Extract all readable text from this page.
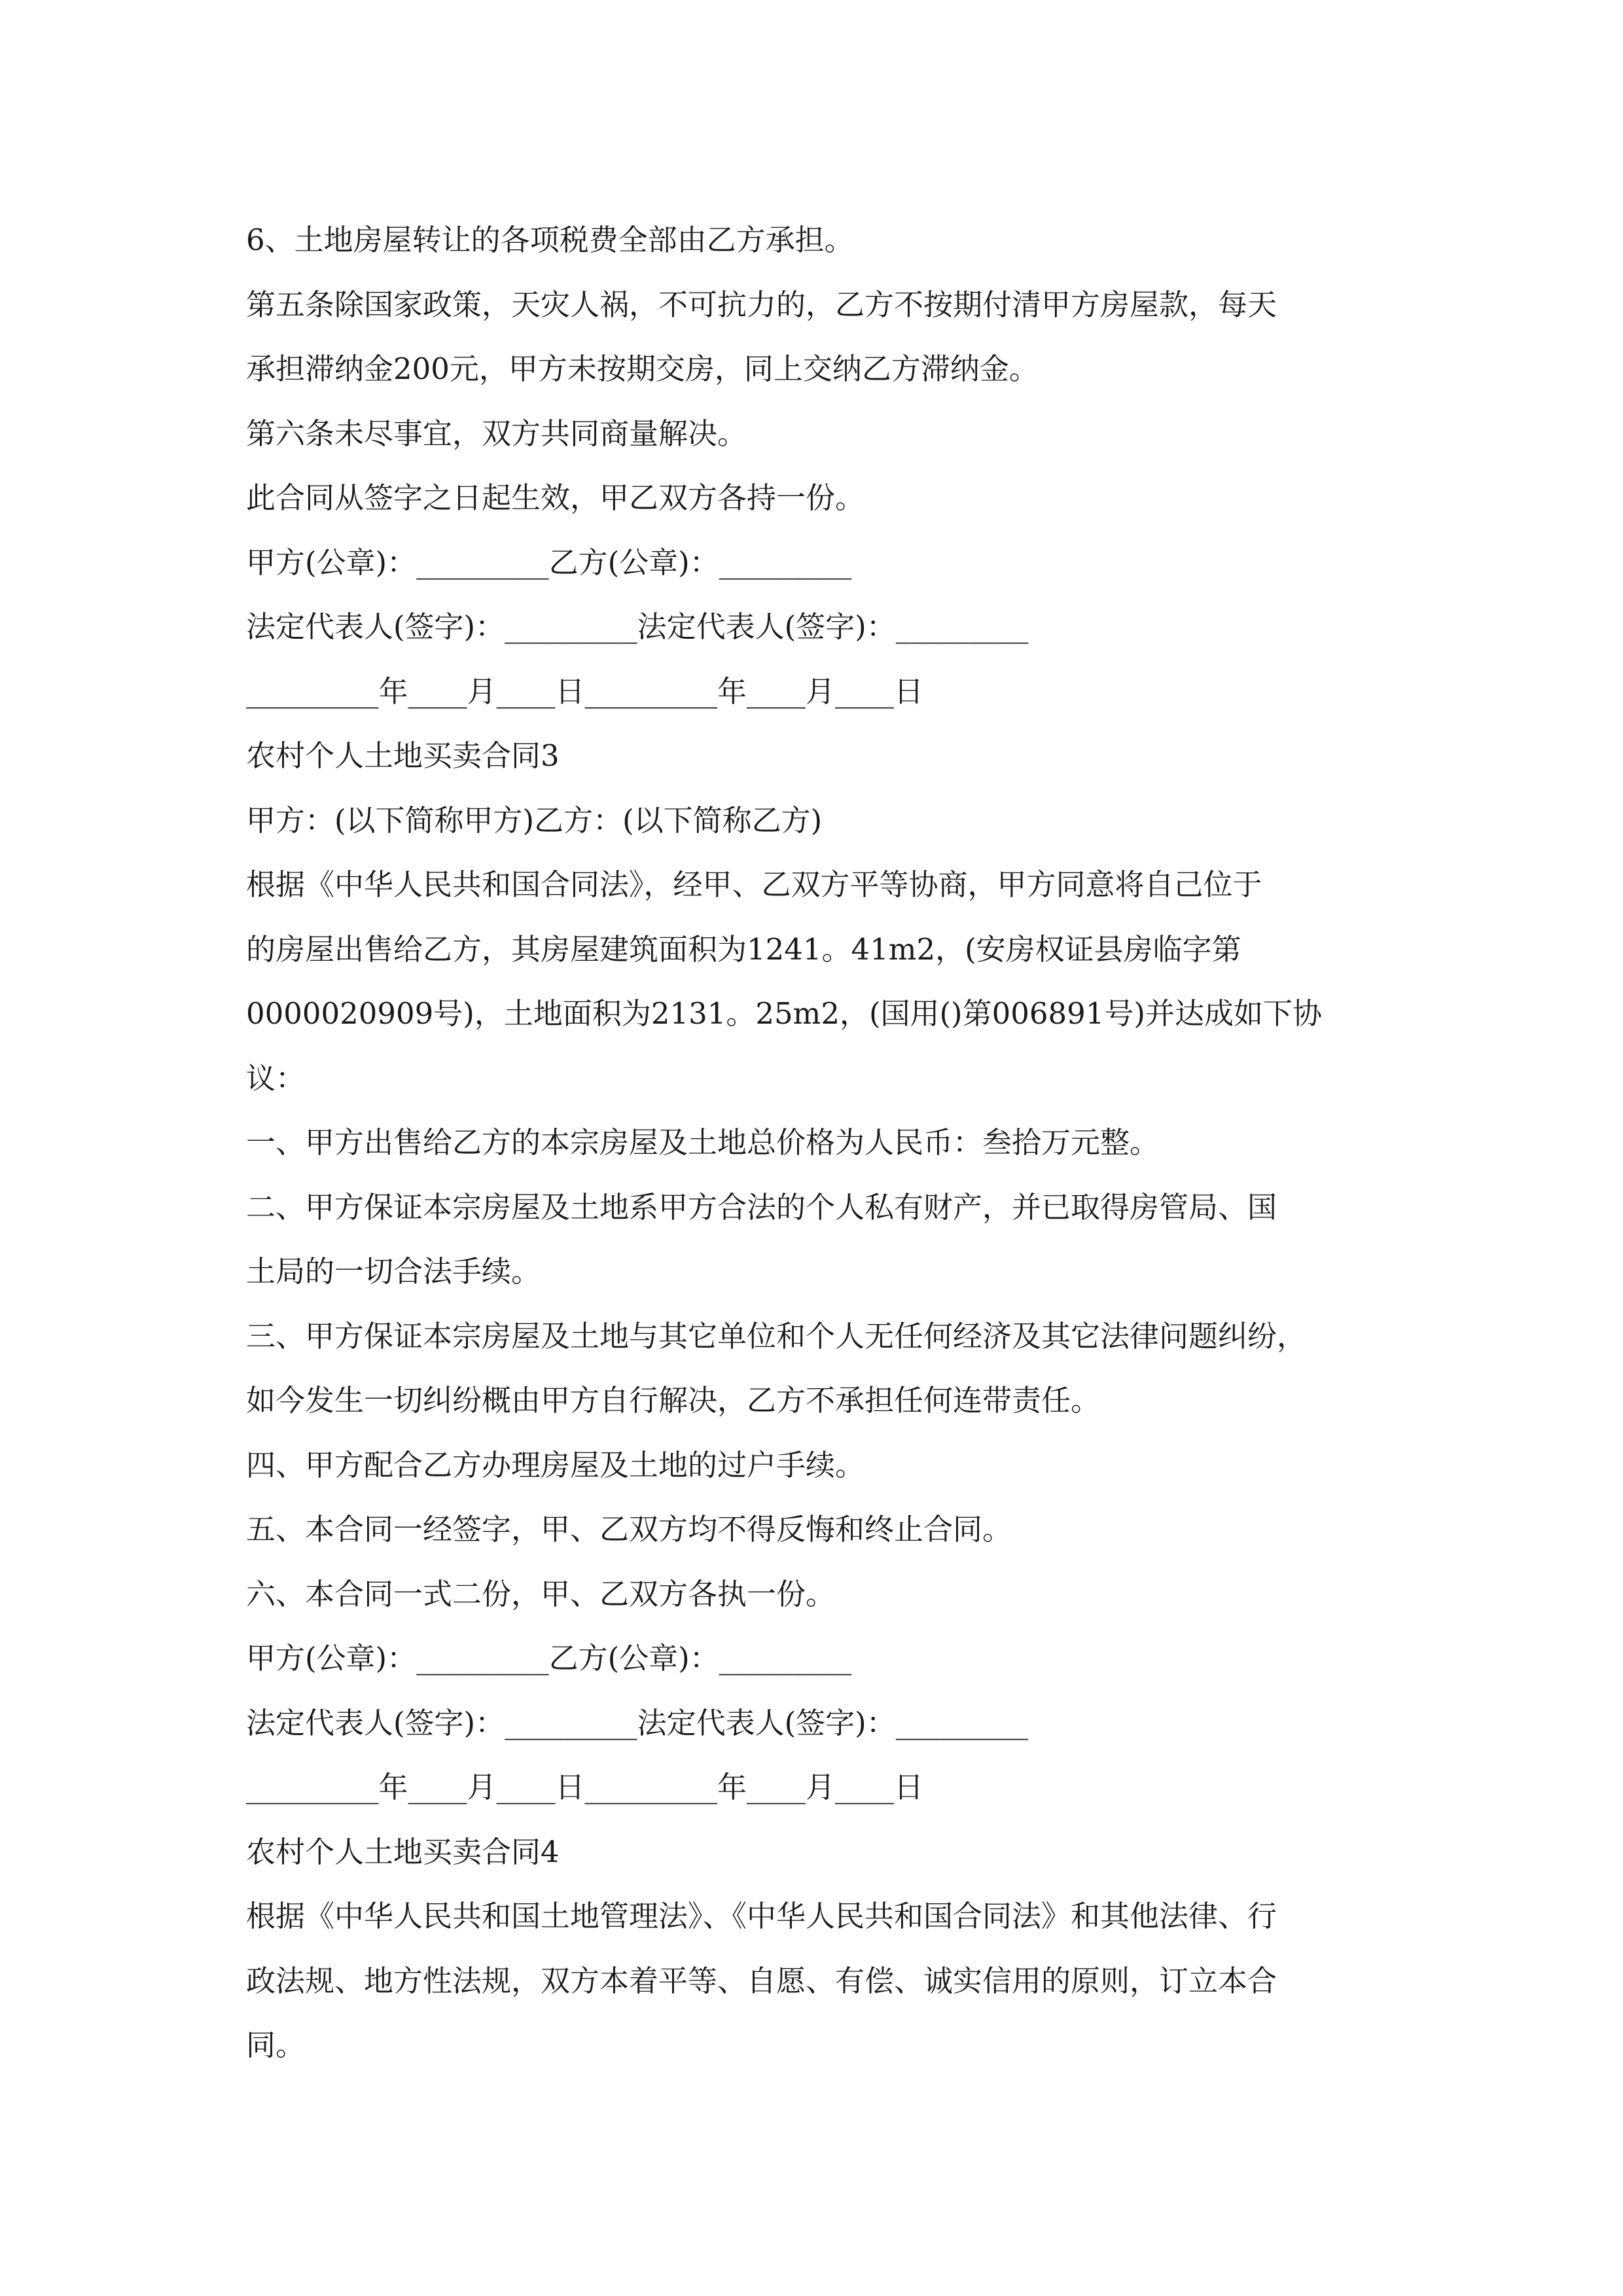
6、土地房屋转让的各项税费全部由乙方承担。

第五条除国家政策，天灾人祸，不可抗力的，乙方不按期付清甲方房屋款，每天

承担滞纳金200元，甲方未按期交房，同上交纳乙方滞纳金。

第六条未尽事宜，双方共同商量解决。

此合同从签字之日起生效，甲乙双方各持一份。

甲方(公章)：_________乙方(公章)：_________

法定代表人(签字)：_________法定代表人(签字)：_________

_________年____月____日_________年____月____日

农村个人土地买卖合同3

甲方：(以下简称甲方)乙方：(以下简称乙方)

根据《中华人民共和国合同法》，经甲、乙双方平等协商，甲方同意将自己位于

的房屋出售给乙方，其房屋建筑面积为1241。41m2，(安房权证县房临字第

0000020909号)，土地面积为2131。25m2，(国用()第006891号)并达成如下协

议：

一、甲方出售给乙方的本宗房屋及土地总价格为人民币：叁拾万元整。

二、甲方保证本宗房屋及土地系甲方合法的个人私有财产，并已取得房管局、国

土局的一切合法手续。

三、甲方保证本宗房屋及土地与其它单位和个人无任何经济及其它法律问题纠纷，

如今发生一切纠纷概由甲方自行解决，乙方不承担任何连带责任。

四、甲方配合乙方办理房屋及土地的过户手续。

五、本合同一经签字，甲、乙双方均不得反悔和终止合同。

六、本合同一式二份，甲、乙双方各执一份。

甲方(公章)：_________乙方(公章)：_________

法定代表人(签字)：_________法定代表人(签字)：_________

_________年____月____日_________年____月____日

农村个人土地买卖合同4

根据《中华人民共和国土地管理法》、《中华人民共和国合同法》和其他法律、行

政法规、地方性法规，双方本着平等、自愿、有偿、诚实信用的原则，订立本合

同。
